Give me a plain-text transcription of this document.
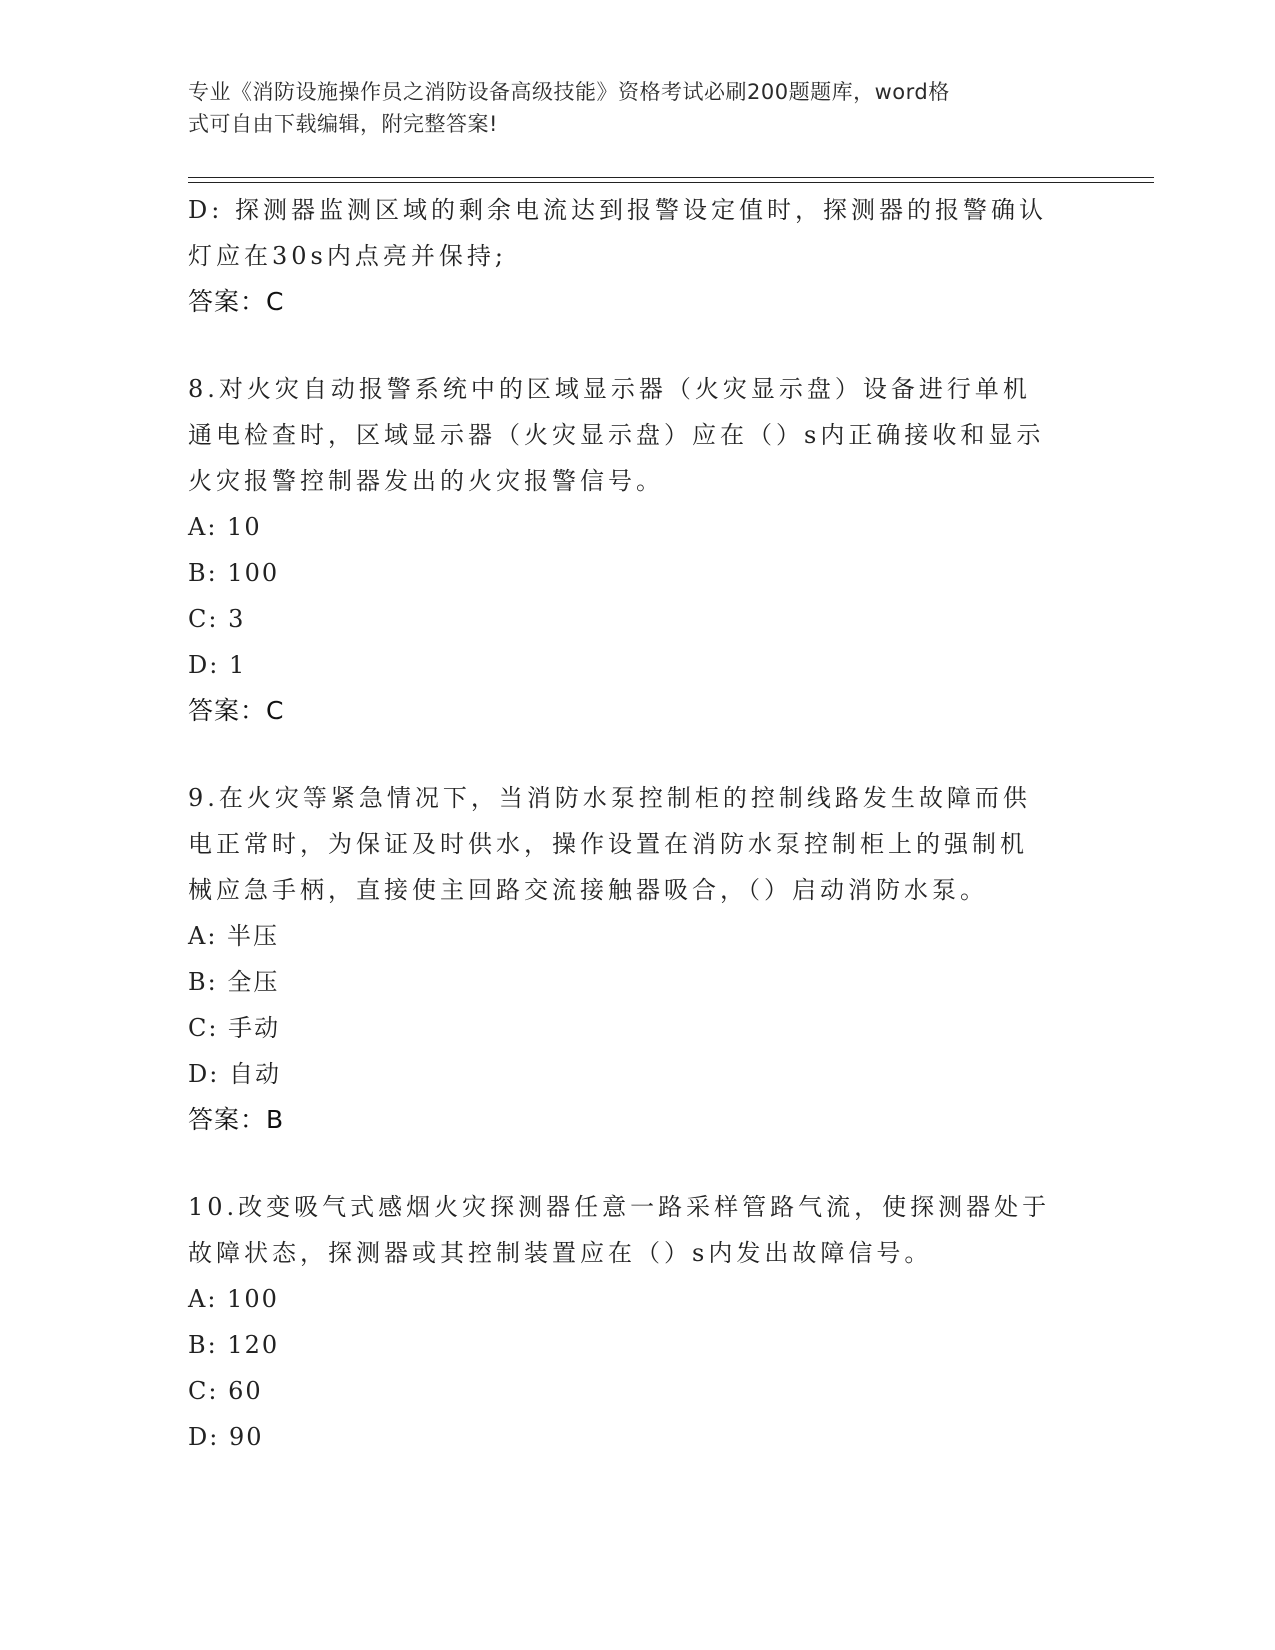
专业《消防设施操作员之消防设备高级技能》资格考试必刷200题题库，word格
式可自由下载编辑，附完整答案!
D: 探测器监测区域的剩余电流达到报警设定值时，探测器的报警确认
灯应在30s内点亮并保持;
答案：C
8.对火灾自动报警系统中的区域显示器（火灾显示盘）设备进行单机
通电检查时，区域显示器（火灾显示盘）应在（）s内正确接收和显示
火灾报警控制器发出的火灾报警信号。
A: 10
B: 100
C: 3
D: 1
答案：C
9.在火灾等紧急情况下，当消防水泵控制柜的控制线路发生故障而供
电正常时，为保证及时供水，操作设置在消防水泵控制柜上的强制机
械应急手柄，直接使主回路交流接触器吸合，（）启动消防水泵。
A: 半压
B: 全压
C: 手动
D: 自动
答案：B
10.改变吸气式感烟火灾探测器任意一路采样管路气流，使探测器处于
故障状态，探测器或其控制装置应在（）s内发出故障信号。
A: 100
B: 120
C: 60
D: 90
